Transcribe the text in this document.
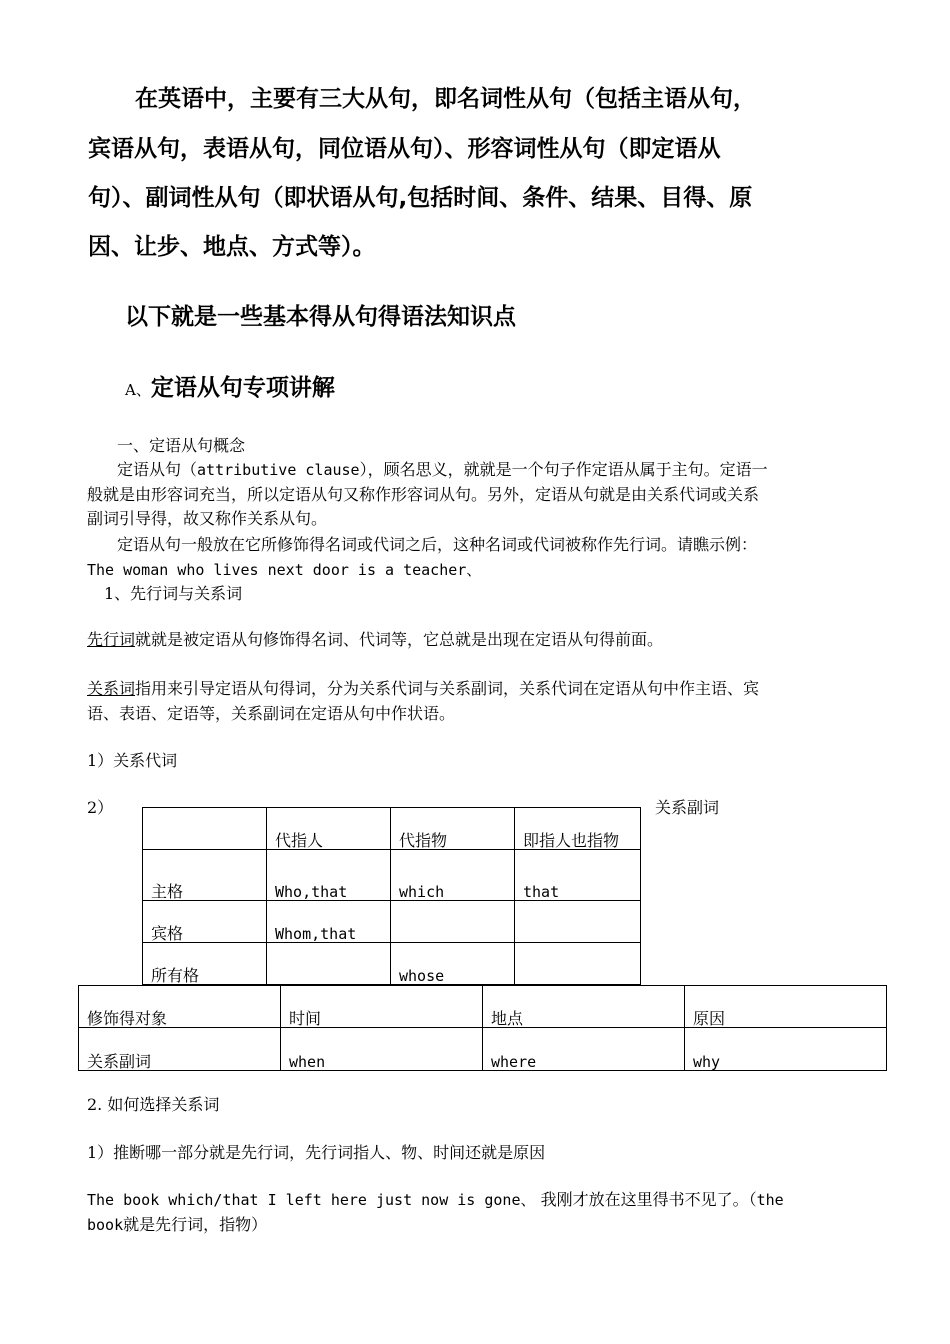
在英语中，主要有三大从句，即名词性从句（包括主语从句，

宾语从句，表语从句，同位语从句）、形容词性从句（即定语从

句）、副词性从句（即状语从句,包括时间、条件、结果、目得、原

因、让步、地点、方式等）。

以下就是一些基本得从句得语法知识点

A、定语从句专项讲解

一、定语从句概念

定语从句（attributive clause），顾名思义，就就是一个句子作定语从属于主句。定语一

般就是由形容词充当，所以定语从句又称作形容词从句。另外，定语从句就是由关系代词或关系

副词引导得，故又称作关系从句。

定语从句一般放在它所修饰得名词或代词之后，这种名词或代词被称作先行词。请瞧示例：

The woman who lives next door is a teacher、

1、先行词与关系词

先行词就就是被定语从句修饰得名词、代词等，它总就是出现在定语从句得前面。

关系词指用来引导定语从句得词，分为关系代词与关系副词，关系代词在定语从句中作主语、宾

语、表语、定语等，关系副词在定语从句中作状语。

1）关系代词

2）	关系副词

	代指人	代指物	即指人也指物
主格	Who,that	which	that
宾格	Whom,that		
所有格		whose	
修饰得对象	时间	地点	原因
关系副词	when	where	why

2. 如何选择关系词

1）推断哪一部分就是先行词，先行词指人、物、时间还就是原因

The book which/that I left here just now is gone、 我刚才放在这里得书不见了。（the

book就是先行词，指物）
